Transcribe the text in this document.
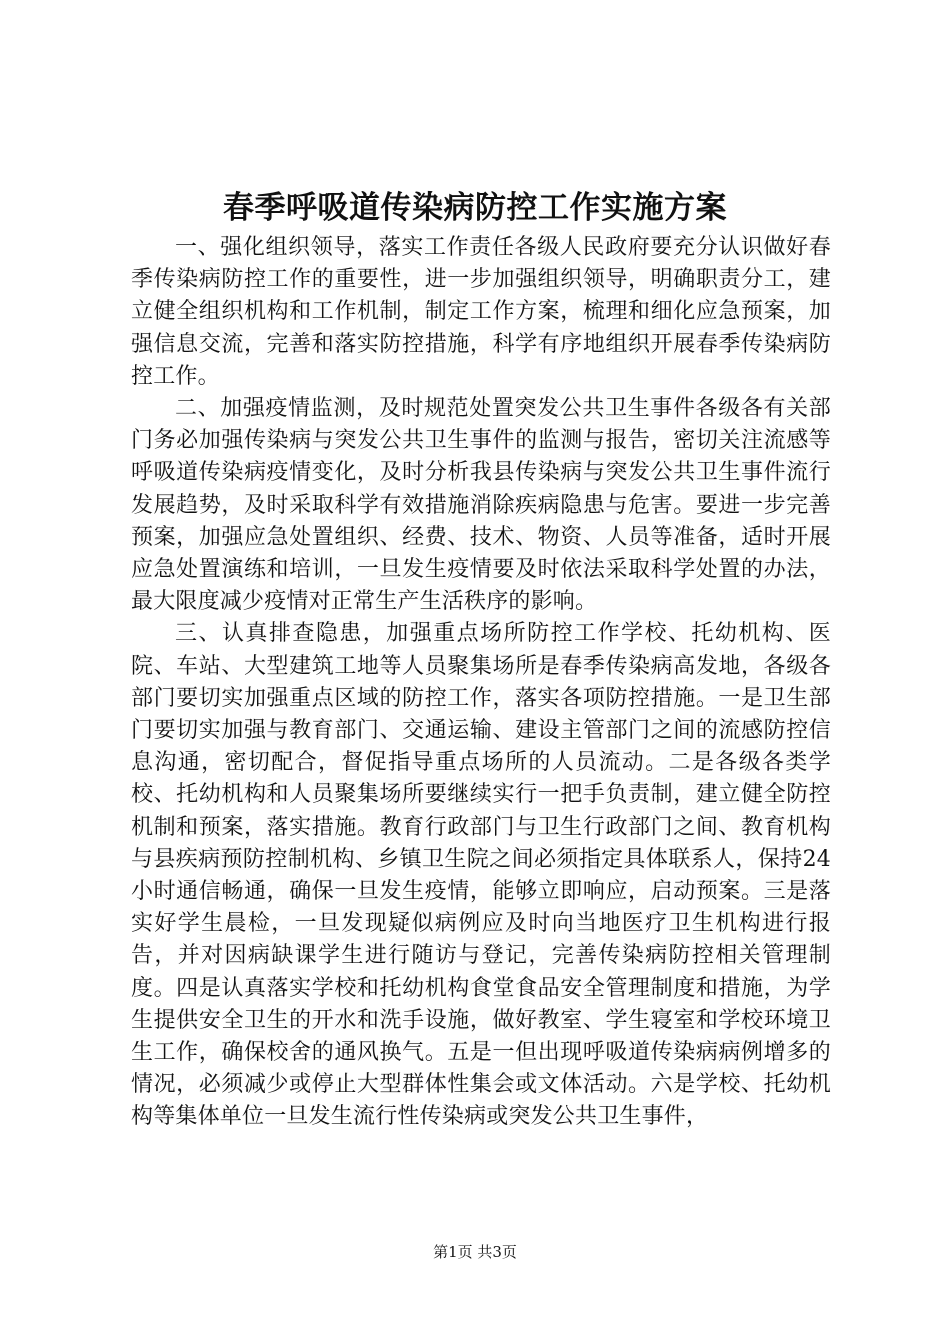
春季呼吸道传染病防控工作实施方案

一、强化组织领导，落实工作责任各级人民政府要充分认识做好春季传染病防控工作的重要性，进一步加强组织领导，明确职责分工，建立健全组织机构和工作机制，制定工作方案，梳理和细化应急预案，加强信息交流，完善和落实防控措施，科学有序地组织开展春季传染病防控工作。

二、加强疫情监测，及时规范处置突发公共卫生事件各级各有关部门务必加强传染病与突发公共卫生事件的监测与报告，密切关注流感等呼吸道传染病疫情变化，及时分析我县传染病与突发公共卫生事件流行发展趋势，及时采取科学有效措施消除疾病隐患与危害。要进一步完善预案，加强应急处置组织、经费、技术、物资、人员等准备，适时开展应急处置演练和培训，一旦发生疫情要及时依法采取科学处置的办法，最大限度减少疫情对正常生产生活秩序的影响。

三、认真排查隐患，加强重点场所防控工作学校、托幼机构、医院、车站、大型建筑工地等人员聚集场所是春季传染病高发地，各级各部门要切实加强重点区域的防控工作，落实各项防控措施。一是卫生部门要切实加强与教育部门、交通运输、建设主管部门之间的流感防控信息沟通，密切配合，督促指导重点场所的人员流动。二是各级各类学校、托幼机构和人员聚集场所要继续实行一把手负责制，建立健全防控机制和预案，落实措施。教育行政部门与卫生行政部门之间、教育机构与县疾病预防控制机构、乡镇卫生院之间必须指定具体联系人，保持24小时通信畅通，确保一旦发生疫情，能够立即响应，启动预案。三是落实好学生晨检，一旦发现疑似病例应及时向当地医疗卫生机构进行报告，并对因病缺课学生进行随访与登记，完善传染病防控相关管理制度。四是认真落实学校和托幼机构食堂食品安全管理制度和措施，为学生提供安全卫生的开水和洗手设施，做好教室、学生寝室和学校环境卫生工作，确保校舍的通风换气。五是一但出现呼吸道传染病病例增多的情况，必须减少或停止大型群体性集会或文体活动。六是学校、托幼机构等集体单位一旦发生流行性传染病或突发公共卫生事件，

第1页 共3页
